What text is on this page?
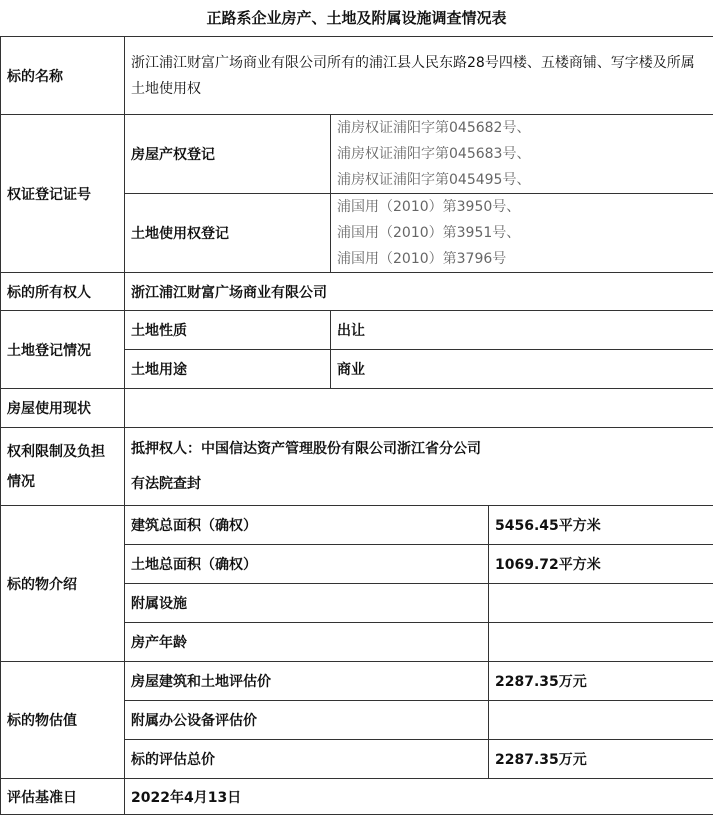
正路系企业房产、土地及附属设施调查情况表
标的名称	浙江浦江财富广场商业有限公司所有的浦江县人民东路28号四楼、五楼商铺、写字楼及所属土地使用权		
权证登记证号	房屋产权登记	浦房权证浦阳字第045682号、
浦房权证浦阳字第045683号、
浦房权证浦阳字第045495号、	

	土地使用权登记	浦国用（2010）第3950号、
浦国用（2010）第3951号、
浦国用（2010）第3796号	

标的所有权人	浙江浦江财富广场商业有限公司		
土地登记情况	土地性质	出让	
	土地用途	商业	
房屋使用现状			
权利限制及负担情况	抵押权人：中国信达资产管理股份有限公司浙江省分公司
有法院查封		

标的物介绍	建筑总面积（确权）		5456.45平方米
	土地总面积（确权）		1069.72平方米
	附属设施		
	房产年龄		
标的物估值	房屋建筑和土地评估价		2287.35万元
	附属办公设备评估价		
	标的评估总价		2287.35万元
评估基准日	2022年4月13日		
